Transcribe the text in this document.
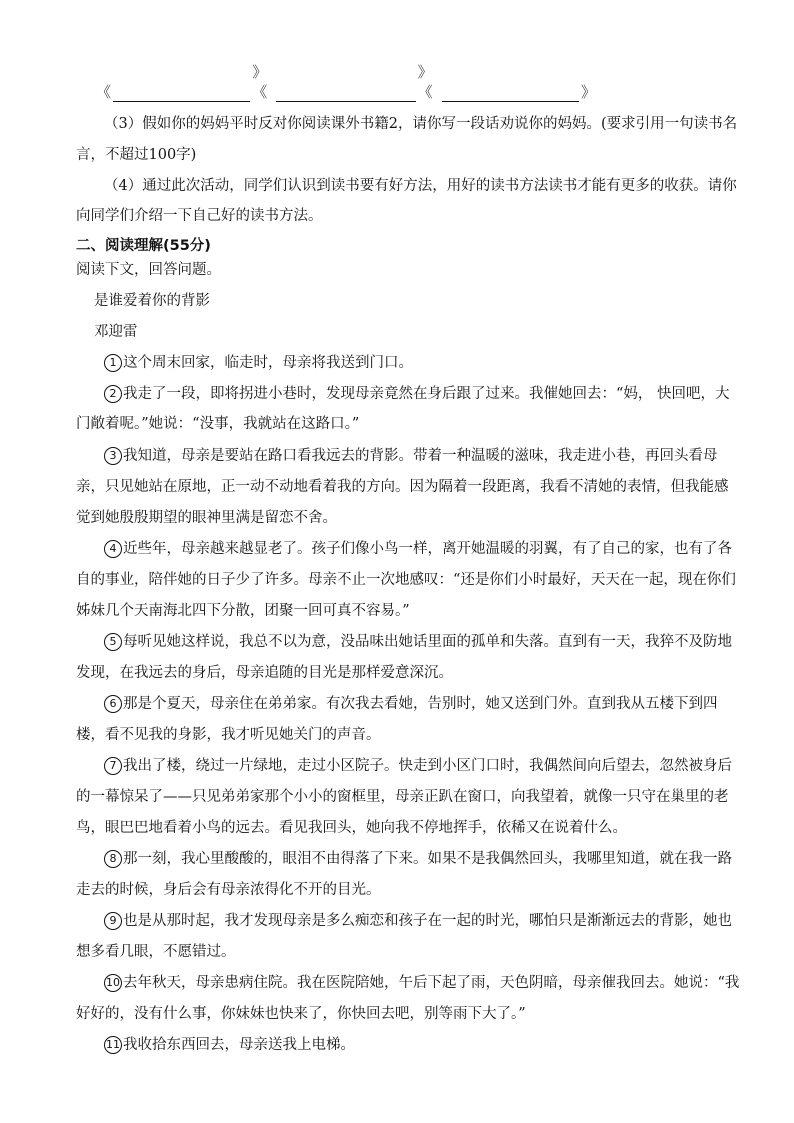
《
》《
》《	》
（3）假如你的妈妈平时反对你阅读课外书籍2，请你写一段话劝说你的妈妈。(要求引用一句读书名
言，不超过100字)
（4）通过此次活动，同学们认识到读书要有好方法，用好的读书方法读书才能有更多的收获。请你
向同学们介绍一下自己好的读书方法。
二、阅读理解(55分)
阅读下文，回答问题。
是谁爱着你的背影
邓迎雷
1 这个周末回家，临走时，母亲将我送到门口。
2 我走了一段，即将拐进小巷时，发现母亲竟然在身后跟了过来。我催她回去：“妈， 快回吧，大
门敞着呢。”她说：“没事，我就站在这路口。”
3 我知道，母亲是要站在路口看我远去的背影。带着一种温暖的滋味，我走进小巷，再回头看母
亲，只见她站在原地，正一动不动地看着我的方向。因为隔着一段距离，我看不清她的表情，但我能感
觉到她殷殷期望的眼神里满是留恋不舍。
4 近些年，母亲越来越显老了。孩子们像小鸟一样，离开她温暖的羽翼，有了自己的家，也有了各
自的事业，陪伴她的日子少了许多。母亲不止一次地感叹：“还是你们小时最好，天天在一起，现在你们
姊妹几个天南海北四下分散，团聚一回可真不容易。”
5 每听见她这样说，我总不以为意，没品味出她话里面的孤单和失落。直到有一天，我猝不及防地
发现，在我远去的身后，母亲追随的目光是那样爱意深沉。
6 那是个夏天，母亲住在弟弟家。有次我去看她，告别时，她又送到门外。直到我从五楼下到四
楼，看不见我的身影，我才听见她关门的声音。
7 我出了楼，绕过一片绿地，走过小区院子。快走到小区门口时，我偶然间向后望去，忽然被身后
的一幕惊呆了——只见弟弟家那个小小的窗框里，母亲正趴在窗口，向我望着，就像一只守在巢里的老
鸟，眼巴巴地看着小鸟的远去。看见我回头，她向我不停地挥手，依稀又在说着什么。
8 那一刻，我心里酸酸的，眼泪不由得落了下来。如果不是我偶然回头，我哪里知道，就在我一路
走去的时候，身后会有母亲浓得化不开的目光。
9 也是从那时起，我才发现母亲是多么痴恋和孩子在一起的时光，哪怕只是渐渐远去的背影，她也
想多看几眼，不愿错过。
10 去年秋天，母亲患病住院。我在医院陪她，午后下起了雨，天色阴暗，母亲催我回去。她说：“我
好好的，没有什么事，你妹妹也快来了，你快回去吧，别等雨下大了。”
11 我收拾东西回去，母亲送我上电梯。
